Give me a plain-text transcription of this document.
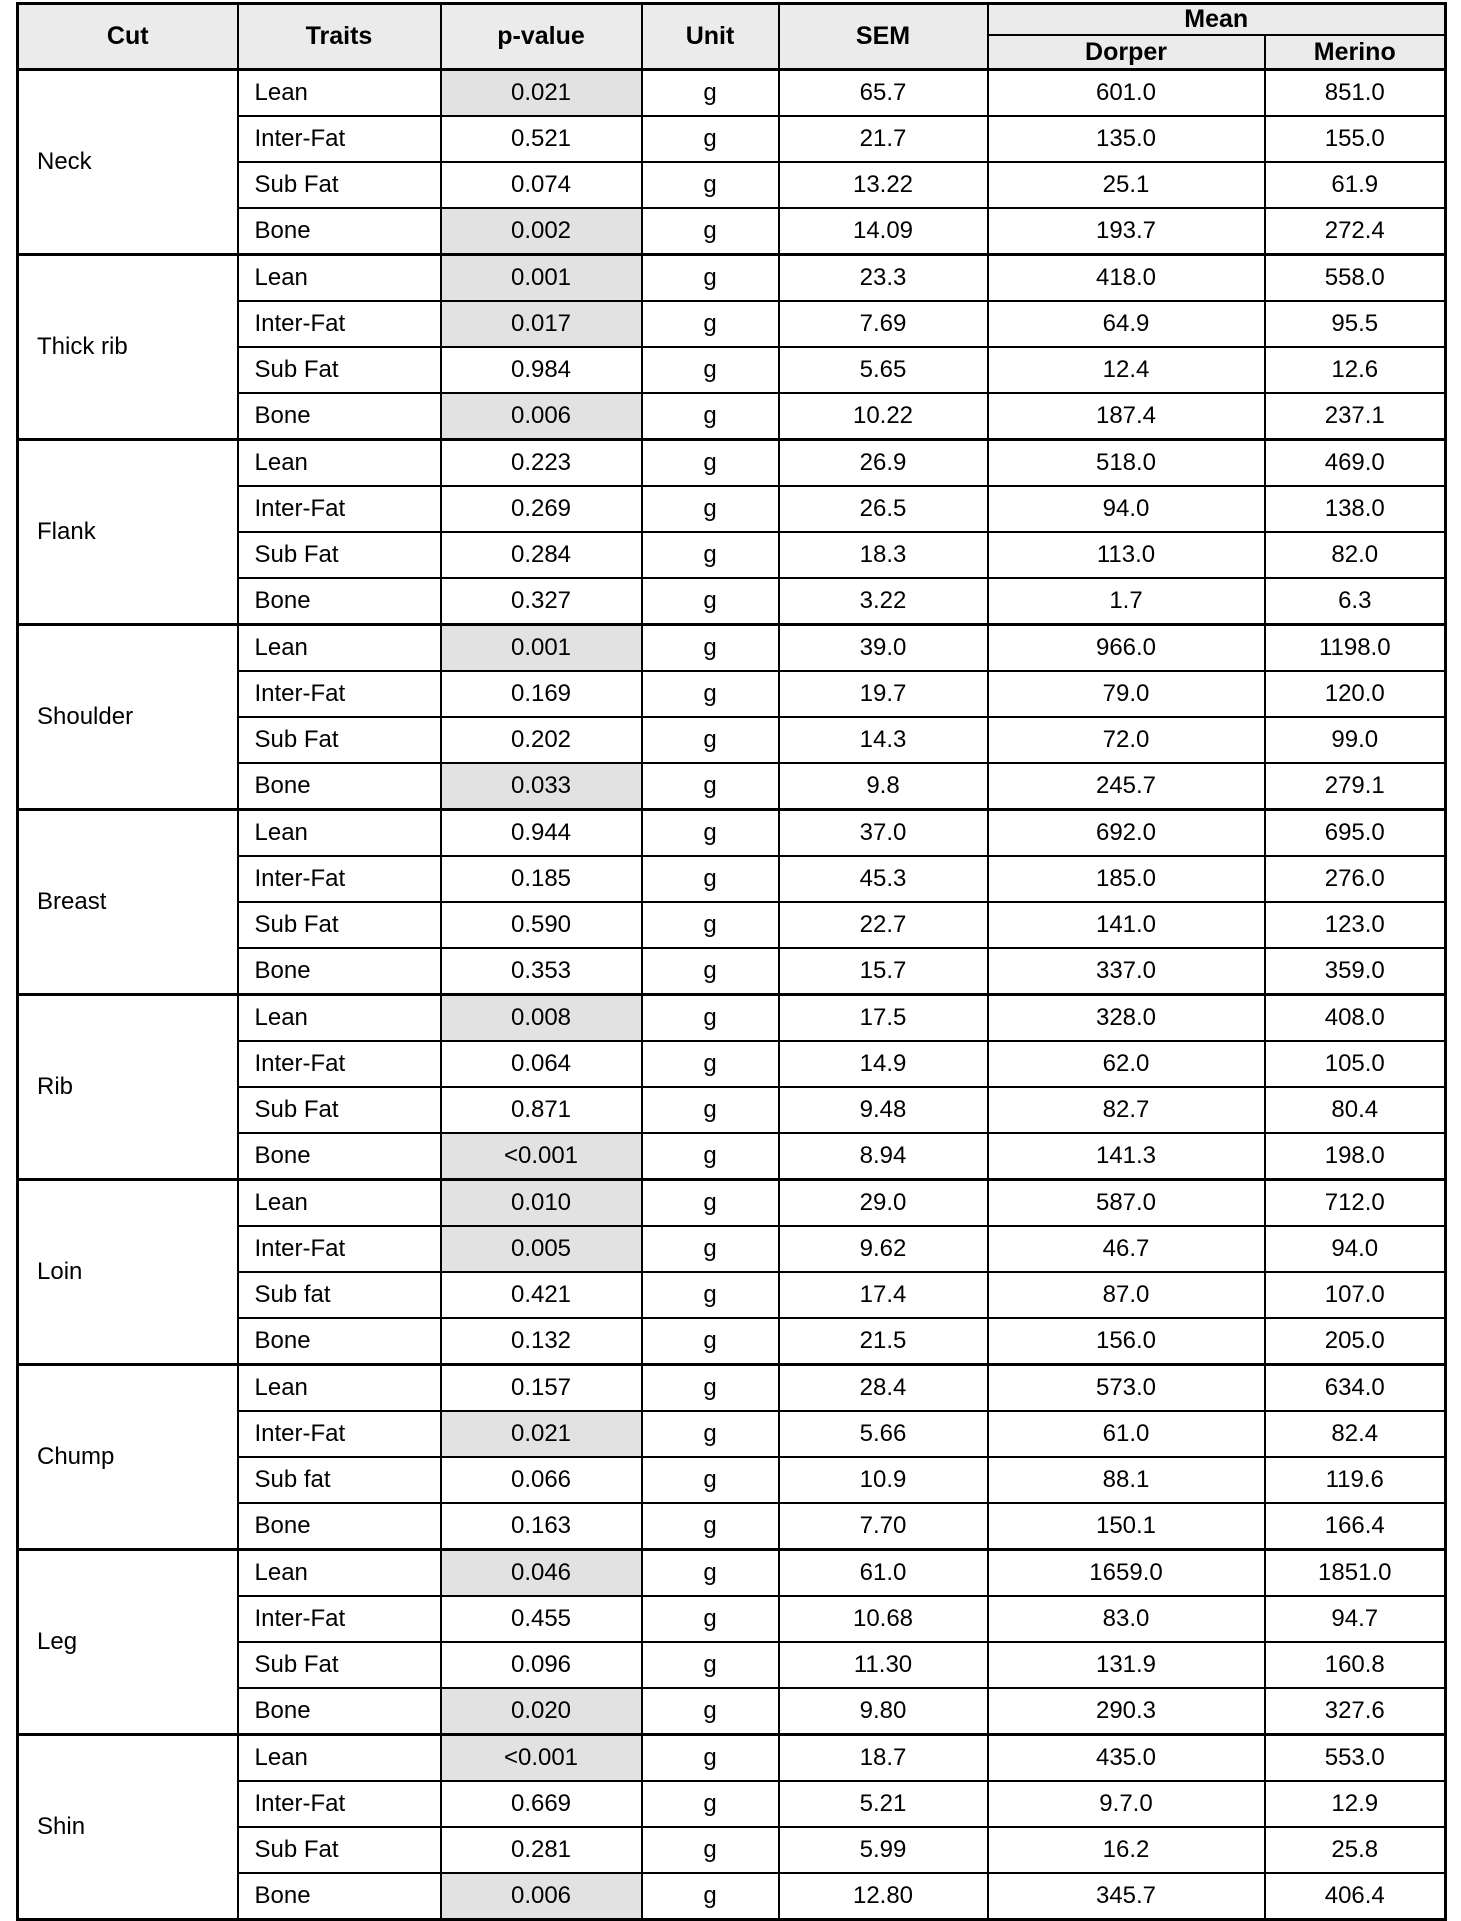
Cut	Traits	p-value	Unit	SEM	Mean	
					Dorper	Merino
Neck	Lean	0.021	g	65.7	601.0	851.0
	Inter-Fat	0.521	g	21.7	135.0	155.0
	Sub Fat	0.074	g	13.22	25.1	61.9
	Bone	0.002	g	14.09	193.7	272.4
Thick rib	Lean	0.001	g	23.3	418.0	558.0
	Inter-Fat	0.017	g	7.69	64.9	95.5
	Sub Fat	0.984	g	5.65	12.4	12.6
	Bone	0.006	g	10.22	187.4	237.1
Flank	Lean	0.223	g	26.9	518.0	469.0
	Inter-Fat	0.269	g	26.5	94.0	138.0
	Sub Fat	0.284	g	18.3	113.0	82.0
	Bone	0.327	g	3.22	1.7	6.3
Shoulder	Lean	0.001	g	39.0	966.0	1198.0
	Inter-Fat	0.169	g	19.7	79.0	120.0
	Sub Fat	0.202	g	14.3	72.0	99.0
	Bone	0.033	g	9.8	245.7	279.1
Breast	Lean	0.944	g	37.0	692.0	695.0
	Inter-Fat	0.185	g	45.3	185.0	276.0
	Sub Fat	0.590	g	22.7	141.0	123.0
	Bone	0.353	g	15.7	337.0	359.0
Rib	Lean	0.008	g	17.5	328.0	408.0
	Inter-Fat	0.064	g	14.9	62.0	105.0
	Sub Fat	0.871	g	9.48	82.7	80.4
	Bone	<0.001	g	8.94	141.3	198.0
Loin	Lean	0.010	g	29.0	587.0	712.0
	Inter-Fat	0.005	g	9.62	46.7	94.0
	Sub fat	0.421	g	17.4	87.0	107.0
	Bone	0.132	g	21.5	156.0	205.0
Chump	Lean	0.157	g	28.4	573.0	634.0
	Inter-Fat	0.021	g	5.66	61.0	82.4
	Sub fat	0.066	g	10.9	88.1	119.6
	Bone	0.163	g	7.70	150.1	166.4
Leg	Lean	0.046	g	61.0	1659.0	1851.0
	Inter-Fat	0.455	g	10.68	83.0	94.7
	Sub Fat	0.096	g	11.30	131.9	160.8
	Bone	0.020	g	9.80	290.3	327.6
Shin	Lean	<0.001	g	18.7	435.0	553.0
	Inter-Fat	0.669	g	5.21	9.7.0	12.9
	Sub Fat	0.281	g	5.99	16.2	25.8
	Bone	0.006	g	12.80	345.7	406.4
